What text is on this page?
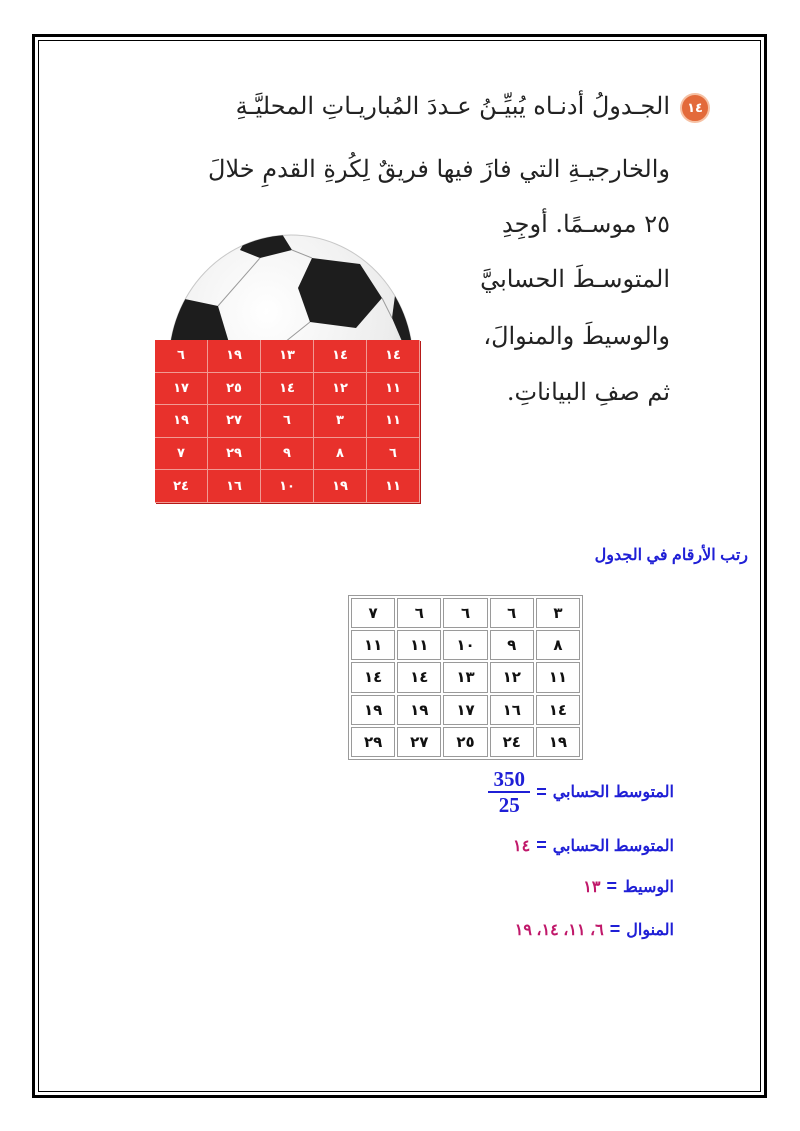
١٤
الجـدولُ أدنـاه يُبيِّـنُ عـددَ المُباريـاتِ المحليَّـةِ
والخارجيـةِ التي فازَ فيها فريقٌ لِكُرةِ القدمِ خلالَ
٢٥ موسـمًا. أوجِدِ
المتوسـطَ الحسابيَّ
والوسيطَ والمنوالَ،
ثم صفِ البياناتِ.
١٤
١٤
١٣
١٩
٦
١١
١٢
١٤
٢٥
١٧
١١
٣
٦
٢٧
١٩
٦
٨
٩
٢٩
٧
١١
١٩
١٠
١٦
٢٤
رتب الأرقام في الجدول
٣
٦
٦
٦
٧
٨
٩
١٠
١١
١١
١١
١٢
١٣
١٤
١٤
١٤
١٦
١٧
١٩
١٩
١٩
٢٤
٢٥
٢٧
٢٩
المتوسط الحسابي
=
$\frac{350}{25}$
المتوسط الحسابي
=
١٤
الوسيط
=
١٣
المنوال
=
٦، ١١، ١٤، ١٩
